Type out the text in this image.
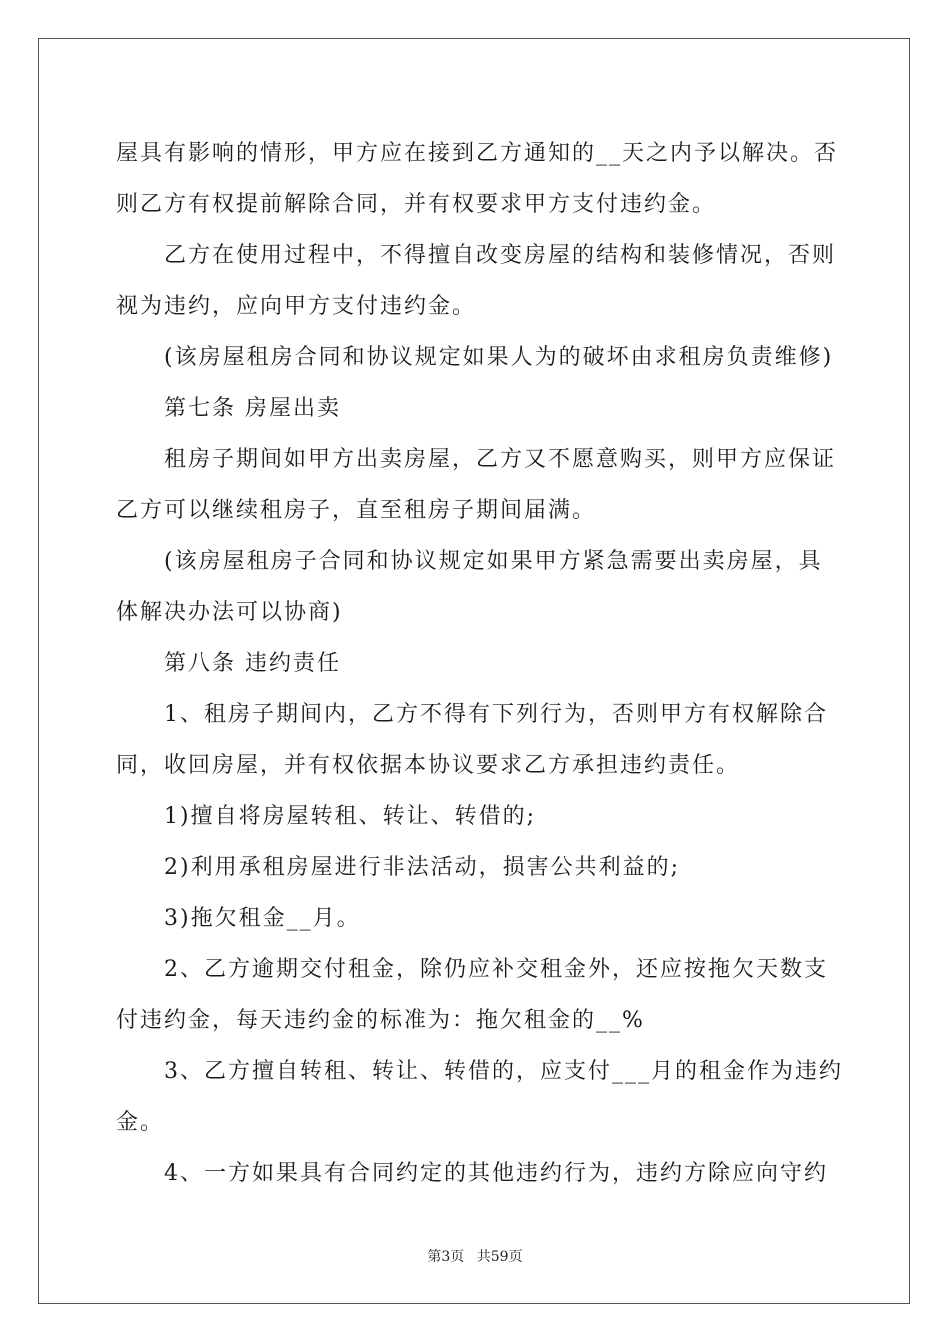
屋具有影响的情形，甲方应在接到乙方通知的__天之内予以解决。否
则乙方有权提前解除合同，并有权要求甲方支付违约金。
乙方在使用过程中，不得擅自改变房屋的结构和装修情况，否则
视为违约，应向甲方支付违约金。
(该房屋租房合同和协议规定如果人为的破坏由求租房负责维修)
第七条 房屋出卖
租房子期间如甲方出卖房屋，乙方又不愿意购买，则甲方应保证
乙方可以继续租房子，直至租房子期间届满。
(该房屋租房子合同和协议规定如果甲方紧急需要出卖房屋，具
体解决办法可以协商)
第八条 违约责任
1、租房子期间内，乙方不得有下列行为，否则甲方有权解除合
同，收回房屋，并有权依据本协议要求乙方承担违约责任。
1)擅自将房屋转租、转让、转借的;
2)利用承租房屋进行非法活动，损害公共利益的;
3)拖欠租金__月。
2、乙方逾期交付租金，除仍应补交租金外，还应按拖欠天数支
付违约金，每天违约金的标准为：拖欠租金的__%
3、乙方擅自转租、转让、转借的，应支付___月的租金作为违约
金。
4、一方如果具有合同约定的其他违约行为，违约方除应向守约
第3页 共59页
